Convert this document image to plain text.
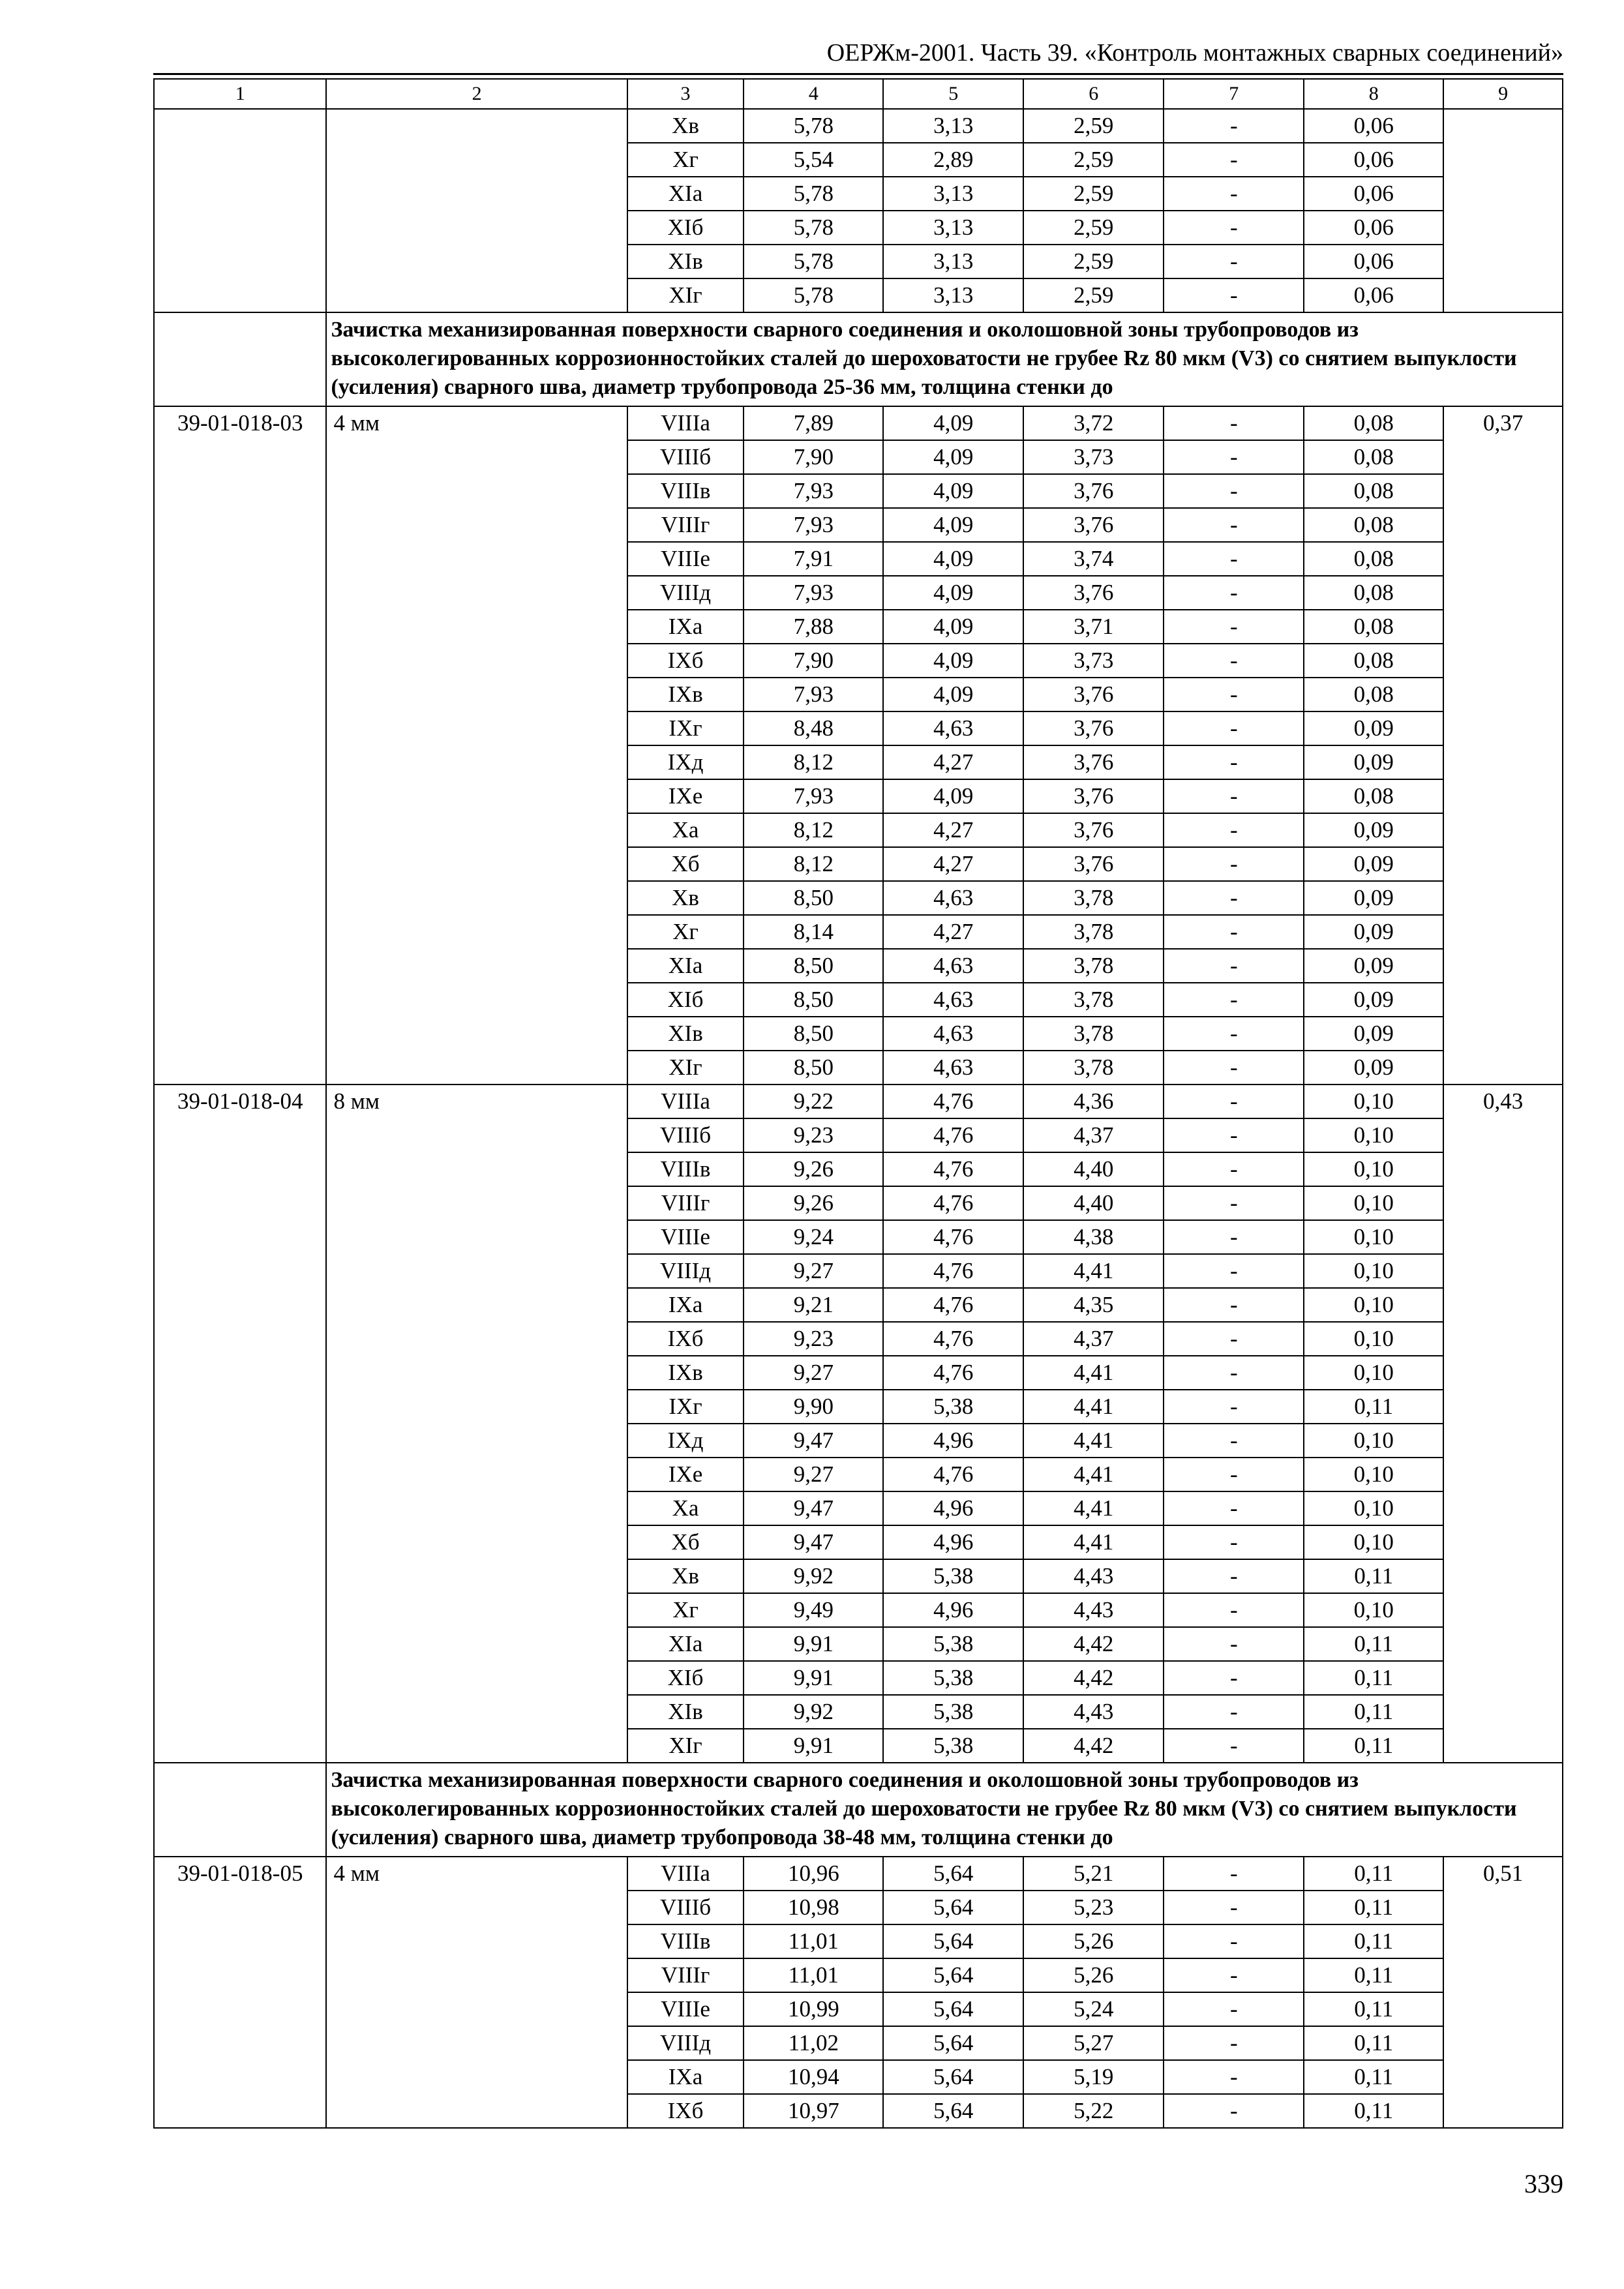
ОЕРЖм-2001. Часть 39. «Контроль монтажных сварных соединений»
1	2	3	4	5	6	7	8	9
		Xв	5,78	3,13	2,59	-	0,06	
		Xг	5,54	2,89	2,59	-	0,06	
		XIа	5,78	3,13	2,59	-	0,06	
		XIб	5,78	3,13	2,59	-	0,06	
		XIв	5,78	3,13	2,59	-	0,06	
		XIг	5,78	3,13	2,59	-	0,06	
	Зачистка механизированная поверхности сварного соединения и околошовной зоны трубопроводов из высоколегированных коррозионностойких сталей до шероховатости не грубее Rz 80 мкм (V3) со снятием выпуклости (усиления) сварного шва, диаметр трубопровода 25-36 мм, толщина стенки до							
39-01-018-03	4 мм	VIIIа	7,89	4,09	3,72	-	0,08	0,37
		VIIIб	7,90	4,09	3,73	-	0,08	
		VIIIв	7,93	4,09	3,76	-	0,08	
		VIIIг	7,93	4,09	3,76	-	0,08	
		VIIIе	7,91	4,09	3,74	-	0,08	
		VIIIд	7,93	4,09	3,76	-	0,08	
		IXа	7,88	4,09	3,71	-	0,08	
		IXб	7,90	4,09	3,73	-	0,08	
		IXв	7,93	4,09	3,76	-	0,08	
		IXг	8,48	4,63	3,76	-	0,09	
		IXд	8,12	4,27	3,76	-	0,09	
		IXе	7,93	4,09	3,76	-	0,08	
		Xа	8,12	4,27	3,76	-	0,09	
		Xб	8,12	4,27	3,76	-	0,09	
		Xв	8,50	4,63	3,78	-	0,09	
		Xг	8,14	4,27	3,78	-	0,09	
		XIа	8,50	4,63	3,78	-	0,09	
		XIб	8,50	4,63	3,78	-	0,09	
		XIв	8,50	4,63	3,78	-	0,09	
		XIг	8,50	4,63	3,78	-	0,09	
39-01-018-04	8 мм	VIIIа	9,22	4,76	4,36	-	0,10	0,43
		VIIIб	9,23	4,76	4,37	-	0,10	
		VIIIв	9,26	4,76	4,40	-	0,10	
		VIIIг	9,26	4,76	4,40	-	0,10	
		VIIIе	9,24	4,76	4,38	-	0,10	
		VIIIд	9,27	4,76	4,41	-	0,10	
		IXа	9,21	4,76	4,35	-	0,10	
		IXб	9,23	4,76	4,37	-	0,10	
		IXв	9,27	4,76	4,41	-	0,10	
		IXг	9,90	5,38	4,41	-	0,11	
		IXд	9,47	4,96	4,41	-	0,10	
		IXе	9,27	4,76	4,41	-	0,10	
		Xа	9,47	4,96	4,41	-	0,10	
		Xб	9,47	4,96	4,41	-	0,10	
		Xв	9,92	5,38	4,43	-	0,11	
		Xг	9,49	4,96	4,43	-	0,10	
		XIа	9,91	5,38	4,42	-	0,11	
		XIб	9,91	5,38	4,42	-	0,11	
		XIв	9,92	5,38	4,43	-	0,11	
		XIг	9,91	5,38	4,42	-	0,11	
	Зачистка механизированная поверхности сварного соединения и околошовной зоны трубопроводов из высоколегированных коррозионностойких сталей до шероховатости не грубее Rz 80 мкм (V3) со снятием выпуклости (усиления) сварного шва, диаметр трубопровода 38-48 мм, толщина стенки до							
39-01-018-05	4 мм	VIIIа	10,96	5,64	5,21	-	0,11	0,51
		VIIIб	10,98	5,64	5,23	-	0,11	
		VIIIв	11,01	5,64	5,26	-	0,11	
		VIIIг	11,01	5,64	5,26	-	0,11	
		VIIIе	10,99	5,64	5,24	-	0,11	
		VIIIд	11,02	5,64	5,27	-	0,11	
		IXа	10,94	5,64	5,19	-	0,11	
		IXб	10,97	5,64	5,22	-	0,11	
339
